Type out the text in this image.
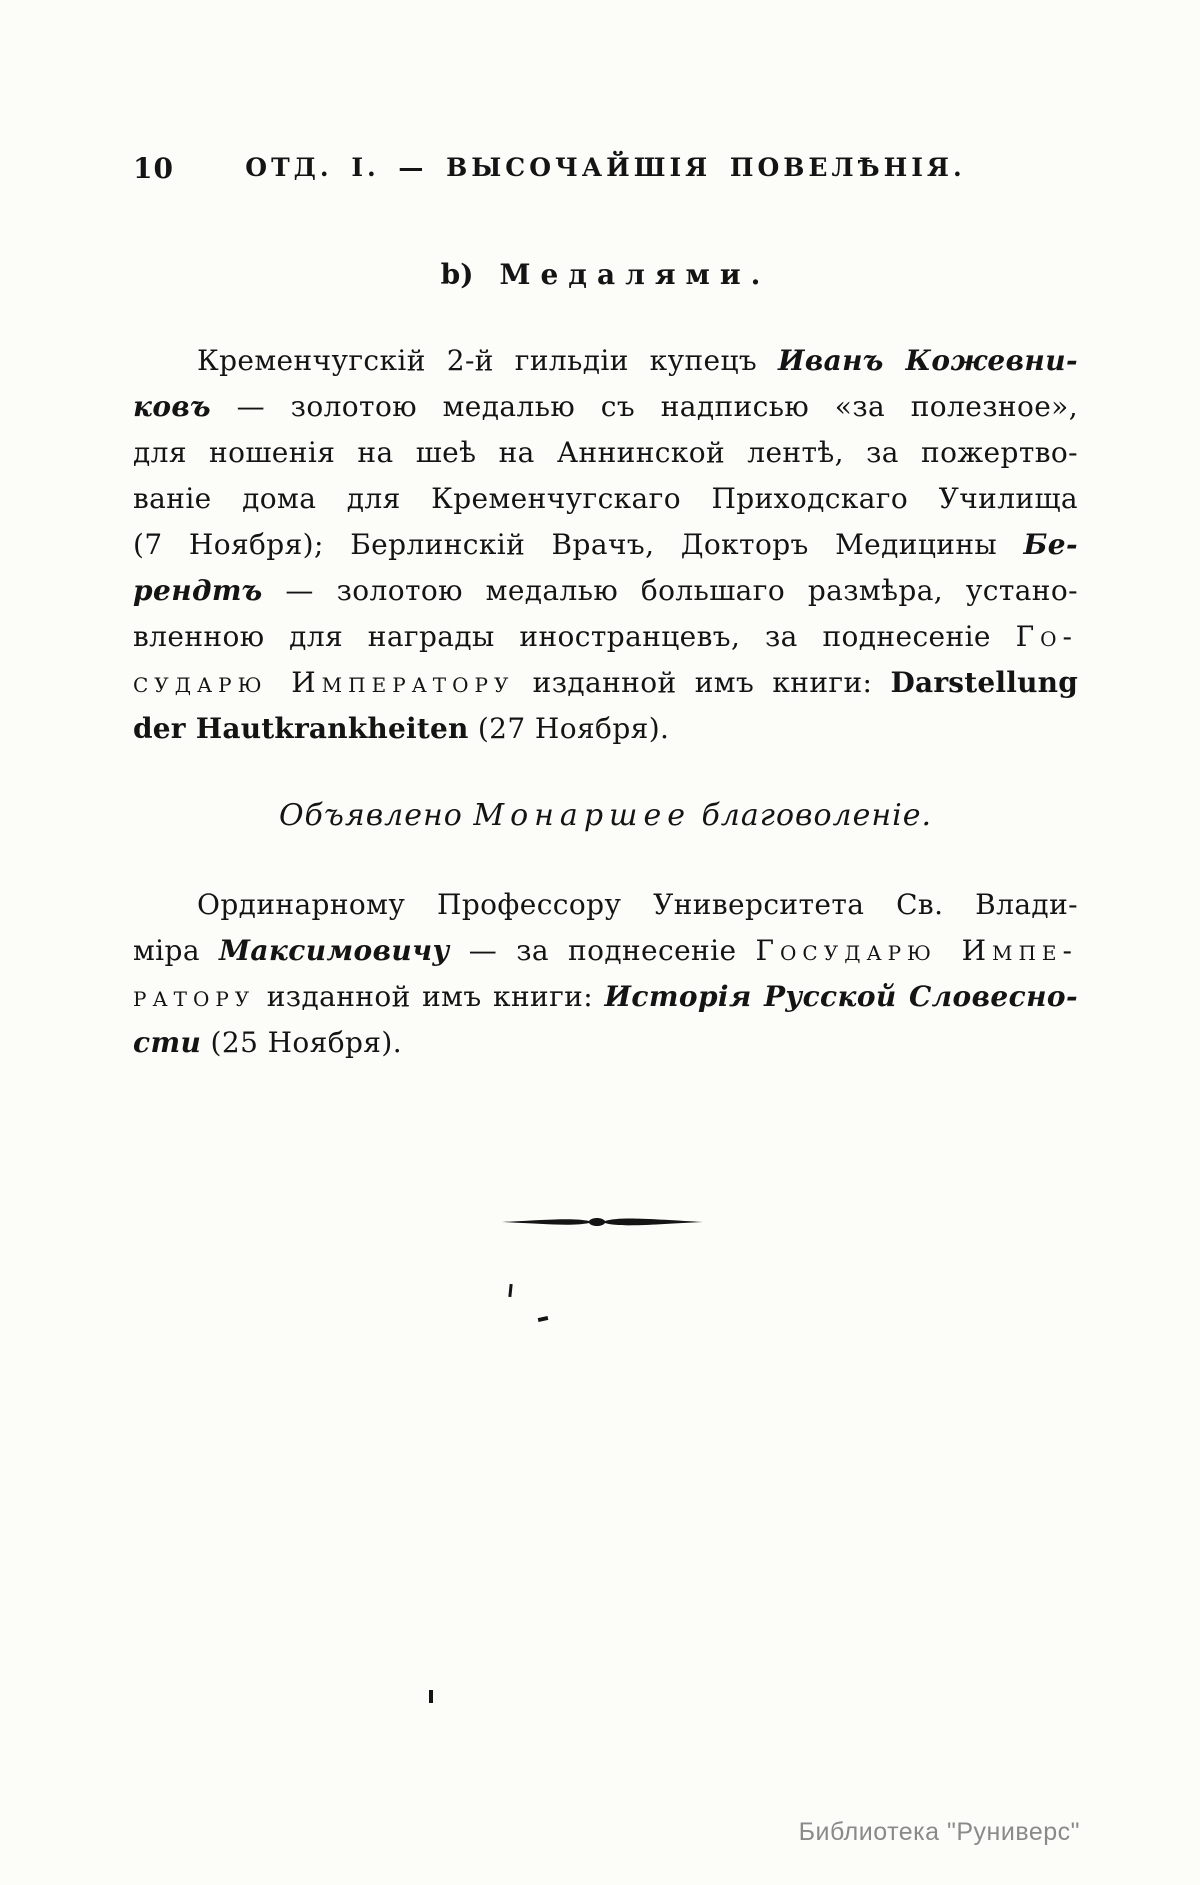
10	ОТД. I. — ВЫСОЧАЙШІЯ ПОВЕЛѢНІЯ.
b) Медалями.
Кременчугскій 2-й гильдіи купецъ Иванъ Кожевни-
ковъ — золотою медалью съ надписью «за полезное»,
для ношенія на шеѣ на Аннинской лентѣ, за пожертво-
ваніе дома для Кременчугскаго Приходскаго Училища
(7 Ноября); Берлинскій Врачъ, Докторъ Медицины Бе-
рендтъ — золотою медалью большаго размѣра, устано-
вленною для награды иностранцевъ, за поднесеніе Го-
сударю Императору изданной имъ книги: Darstellung
der Hautkrankheiten (27 Ноября).
Объявлено Монаршее благоволеніе.
Ординарному Профессору Университета Св. Влади-
міра Максимовичу — за поднесеніе Государю Импе-
ратору изданной имъ книги: Исторія Русской Словесно-
сти (25 Ноября).
Библиотека "Руниверс"
